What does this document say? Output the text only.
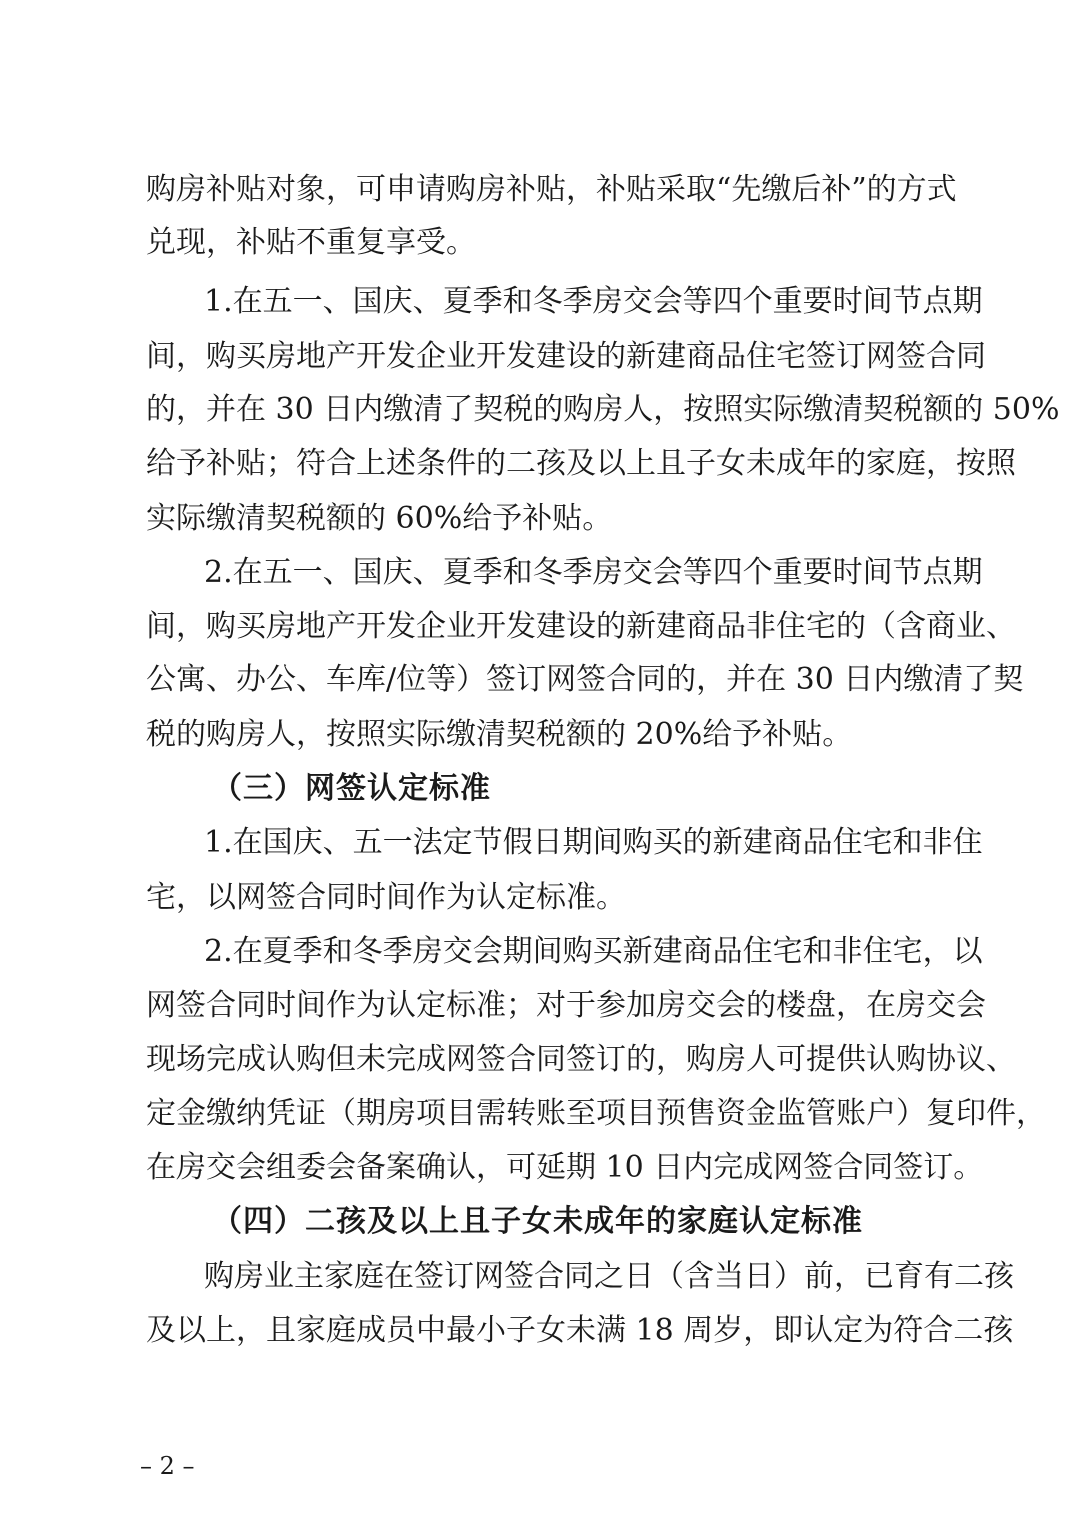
购房补贴对象，可申请购房补贴，补贴采取“先缴后补”的方式
兑现，补贴不重复享受。
1.在五一、国庆、夏季和冬季房交会等四个重要时间节点期
间，购买房地产开发企业开发建设的新建商品住宅签订网签合同
的，并在 30 日内缴清了契税的购房人，按照实际缴清契税额的 50%
给予补贴；符合上述条件的二孩及以上且子女未成年的家庭，按照
实际缴清契税额的 60%给予补贴。
2.在五一、国庆、夏季和冬季房交会等四个重要时间节点期
间，购买房地产开发企业开发建设的新建商品非住宅的（含商业、
公寓、办公、车库/位等）签订网签合同的，并在 30 日内缴清了契
税的购房人，按照实际缴清契税额的 20%给予补贴。
（三）网签认定标准
1.在国庆、五一法定节假日期间购买的新建商品住宅和非住
宅，以网签合同时间作为认定标准。
2.在夏季和冬季房交会期间购买新建商品住宅和非住宅，以
网签合同时间作为认定标准；对于参加房交会的楼盘，在房交会
现场完成认购但未完成网签合同签订的，购房人可提供认购协议、
定金缴纳凭证（期房项目需转账至项目预售资金监管账户）复印件，
在房交会组委会备案确认，可延期 10 日内完成网签合同签订。
（四）二孩及以上且子女未成年的家庭认定标准
购房业主家庭在签订网签合同之日（含当日）前，已育有二孩
及以上，且家庭成员中最小子女未满 18 周岁，即认定为符合二孩
– 2 –
